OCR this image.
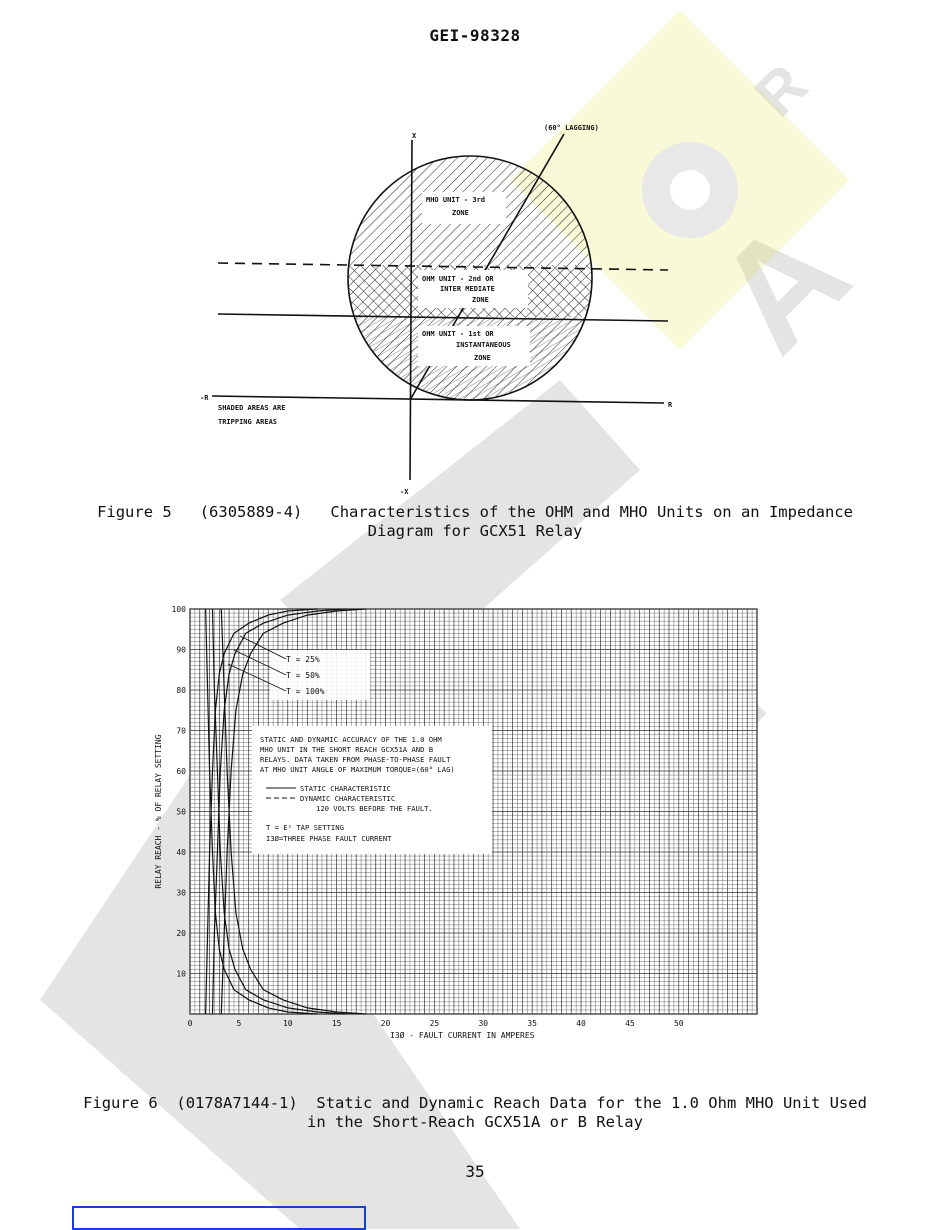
A
R
GEI-98328
X
-X
-R
R
(60° LAGGING)
MHO UNIT - 3rd
ZONE
OHM UNIT - 2nd OR
INTER MEDIATE
ZONE
OHM UNIT - 1st OR
INSTANTANEOUS
ZONE
SHADED AREAS ARE
TRIPPING AREAS
Figure 5   (6305889-4)   Characteristics of the OHM and MHO Units on an Impedance
Diagram for GCX51 Relay
10
20
30
40
50
60
70
80
90
100
0	5	10	15	20	25	30	35	40	45	50
RELAY REACH - % OF RELAY SETTING
I3Ø - FAULT CURRENT IN AMPERES
T = 25%
T = 50%
T = 100%
STATIC AND DYNAMIC ACCURACY OF THE 1.0 OHM
MHO UNIT IN THE SHORT REACH GCX51A AND B
RELAYS. DATA TAKEN FROM PHASE-TO-PHASE FAULT
AT MHO UNIT ANGLE OF MAXIMUM TORQUE=(60° LAG)
STATIC CHARACTERISTIC
DYNAMIC CHARACTERISTIC
120 VOLTS BEFORE THE FAULT.
T = E² TAP SETTING
I3Ø=THREE PHASE FAULT CURRENT
Figure 6  (0178A7144-1)  Static and Dynamic Reach Data for the 1.0 Ohm MHO Unit Used
in the Short-Reach GCX51A or B Relay
35
